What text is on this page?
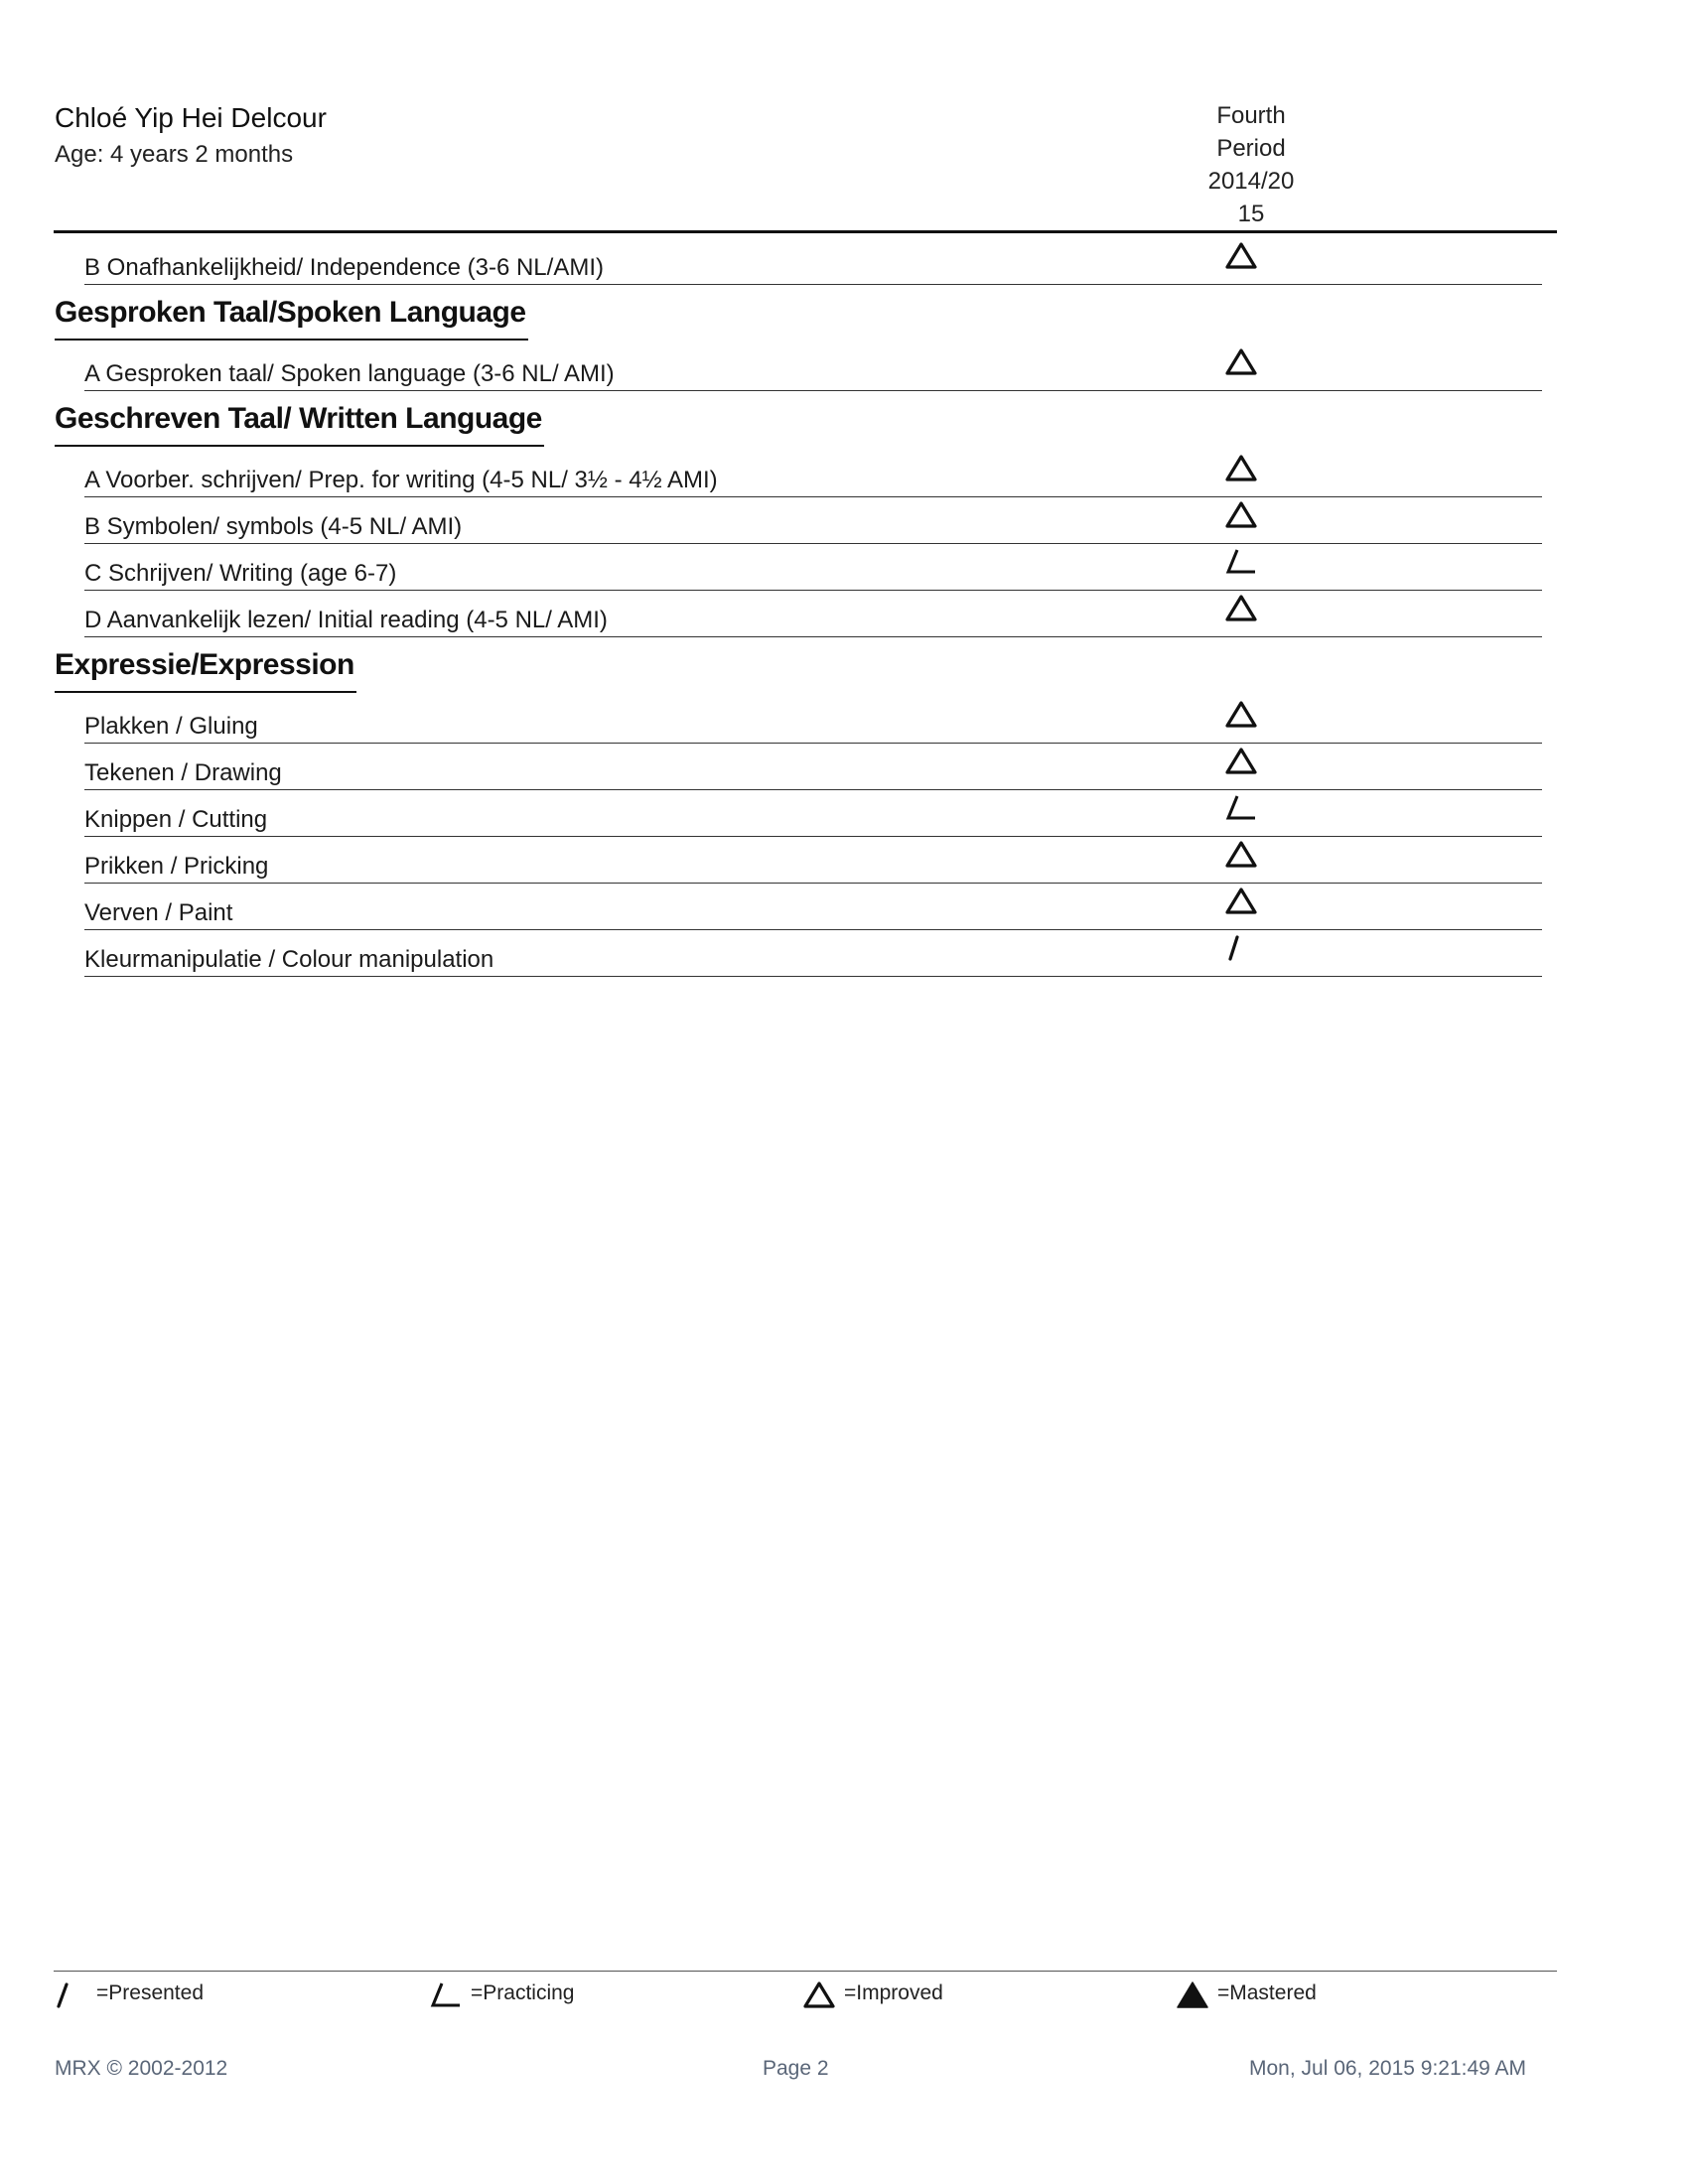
Chloé Yip Hei Delcour
Age: 4 years 2 months
Fourth
Period
2014/20
15
B Onafhankelijkheid/ Independence (3-6 NL/AMI)
Gesproken Taal/Spoken Language
A Gesproken taal/ Spoken language (3-6 NL/ AMI)
Geschreven Taal/ Written Language
A Voorber. schrijven/ Prep. for writing (4-5 NL/ 3½ - 4½ AMI)
B Symbolen/ symbols (4-5 NL/ AMI)
C Schrijven/ Writing (age 6-7)
D Aanvankelijk lezen/ Initial reading (4-5 NL/ AMI)
Expressie/Expression
Plakken / Gluing
Tekenen / Drawing
Knippen / Cutting
Prikken / Pricking
Verven / Paint
Kleurmanipulatie / Colour manipulation
=Presented	=Practicing	=Improved	=Mastered
MRX © 2002-2012	Page 2	Mon, Jul 06, 2015 9:21:49 AM
